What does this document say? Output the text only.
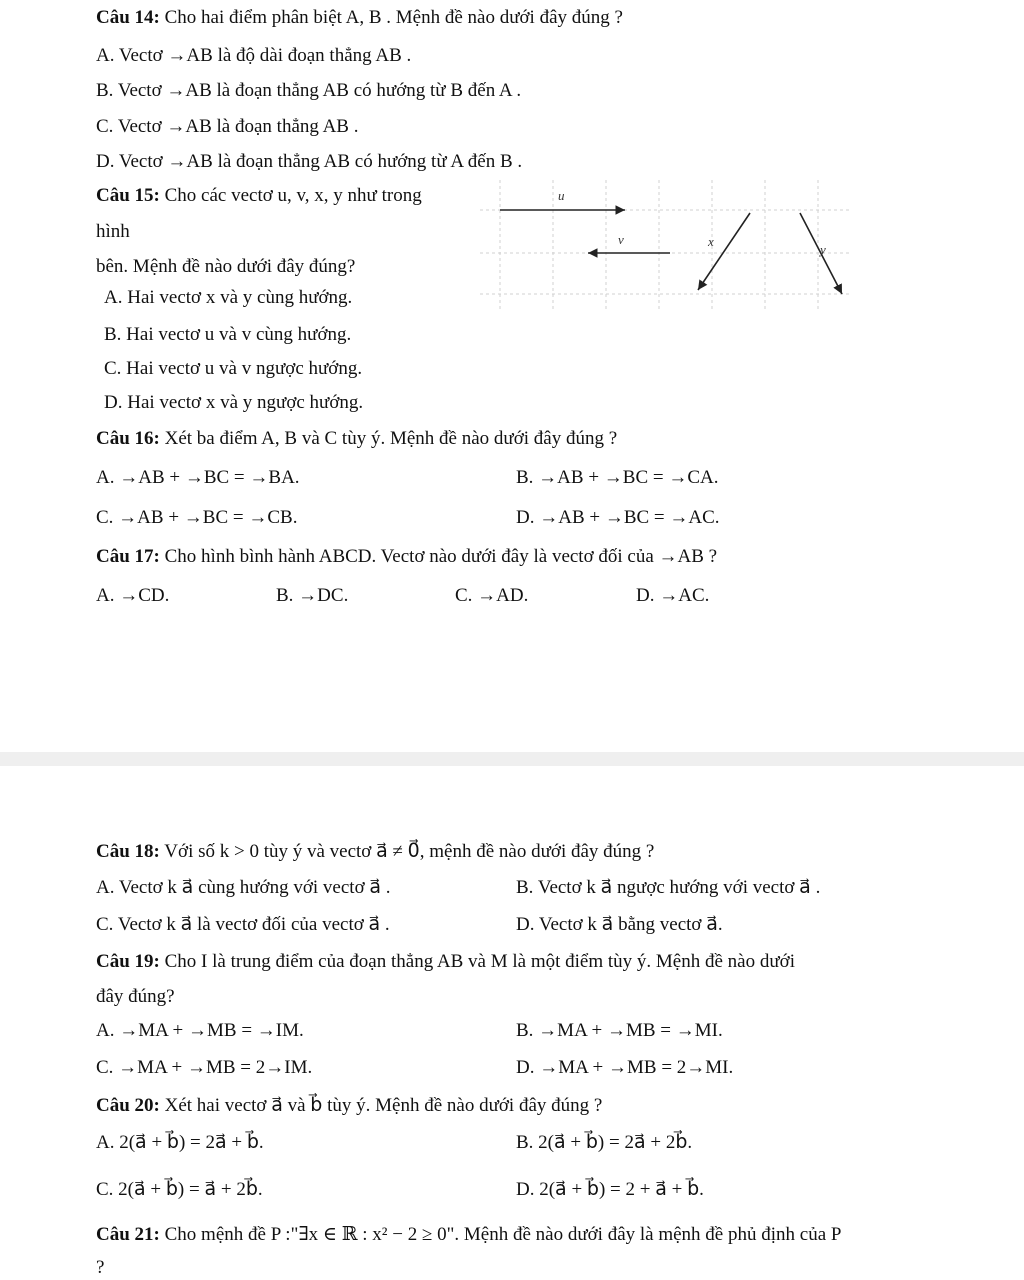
Câu 14: Cho hai điểm phân biệt A, B . Mệnh đề nào dưới đây đúng ?
A. Vectơ →AB là độ dài đoạn thẳng AB .
B. Vectơ →AB là đoạn thẳng AB có hướng từ B đến A .
C. Vectơ →AB là đoạn thẳng AB .
D. Vectơ →AB là đoạn thẳng AB có hướng từ A đến B .
Câu 15: Cho các vectơ u, v, x, y như trong
hình
bên. Mệnh đề nào dưới đây đúng?
A. Hai vectơ x và y cùng hướng.
B. Hai vectơ u và v cùng hướng.
C. Hai vectơ u và v ngược hướng.
D. Hai vectơ x và y ngược hướng.
u⃗
v⃗	x⃗
y⃗
Câu 16: Xét ba điểm A, B và C tùy ý. Mệnh đề nào dưới đây đúng ?
A. →AB + →BC = →BA.	B. →AB + →BC = →CA.
C. →AB + →BC = →CB.	D. →AB + →BC = →AC.
Câu 17: Cho hình bình hành ABCD. Vectơ nào dưới đây là vectơ đối của →AB ?
A. →CD.	B. →DC.	C. →AD.	D. →AC.
Câu 18: Với số k > 0 tùy ý và vectơ a⃗ ≠ 0⃗, mệnh đề nào dưới đây đúng ?
A. Vectơ k a⃗ cùng hướng với vectơ a⃗ .	B. Vectơ k a⃗ ngược hướng với vectơ a⃗ .
C. Vectơ k a⃗ là vectơ đối của vectơ a⃗ .	D. Vectơ k a⃗ bằng vectơ a⃗.
Câu 19: Cho I là trung điểm của đoạn thẳng AB và M là một điểm tùy ý. Mệnh đề nào dưới
đây đúng?
A. →MA + →MB = →IM.	B. →MA + →MB = →MI.
C. →MA + →MB = 2→IM.	D. →MA + →MB = 2→MI.
Câu 20: Xét hai vectơ a⃗ và b⃗ tùy ý. Mệnh đề nào dưới đây đúng ?
A. 2(a⃗ + b⃗) = 2a⃗ + b⃗.	B. 2(a⃗ + b⃗) = 2a⃗ + 2b⃗.
C. 2(a⃗ + b⃗) = a⃗ + 2b⃗.	D. 2(a⃗ + b⃗) = 2 + a⃗ + b⃗.
Câu 21: Cho mệnh đề P :"∃x ∈ ℝ : x² − 2 ≥ 0". Mệnh đề nào dưới đây là mệnh đề phủ định của P
?
